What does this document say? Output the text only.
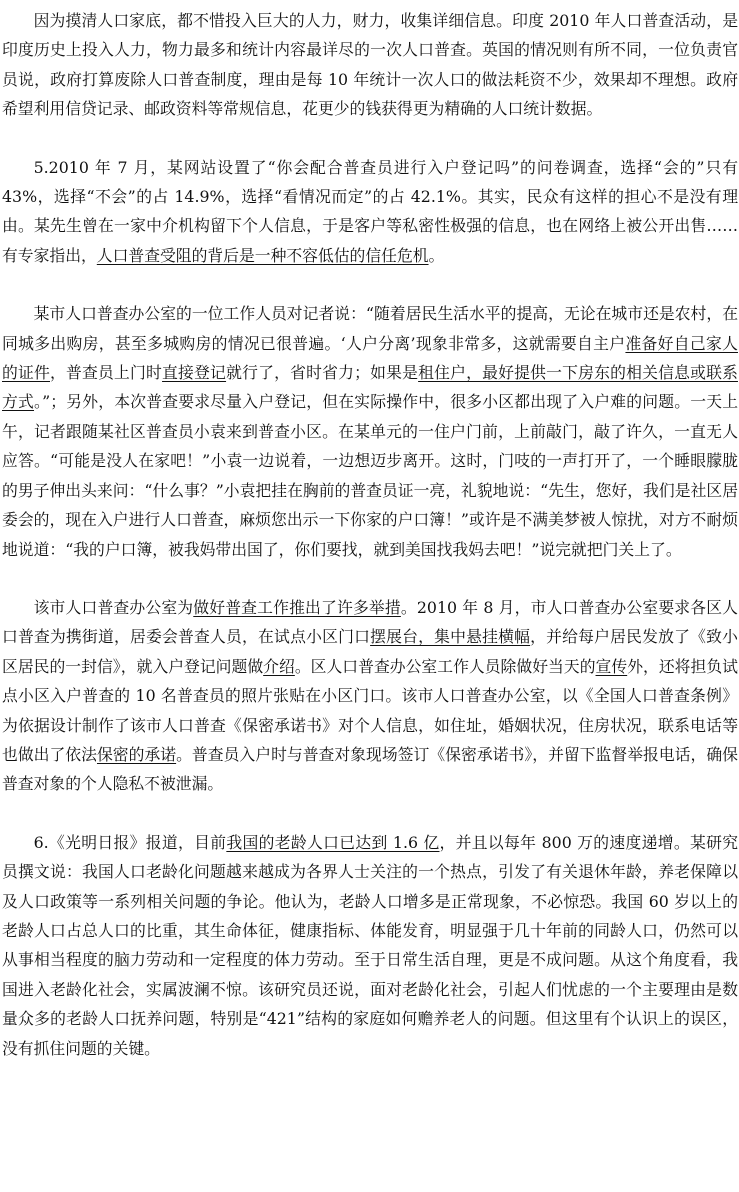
因为摸清人口家底，都不惜投入巨大的人力，财力，收集详细信息。印度 2010 年人口普查活动，是印度历史上投入人力，物力最多和统计内容最详尽的一次人口普查。英国的情况则有所不同，一位负责官员说，政府打算废除人口普查制度，理由是每 10 年统计一次人口的做法耗资不少，效果却不理想。政府希望利用信贷记录、邮政资料等常规信息，花更少的钱获得更为精确的人口统计数据。

5.2010 年 7 月，某网站设置了“你会配合普查员进行入户登记吗”的问卷调查，选择“会的”只有 43%，选择“不会”的占 14.9%，选择“看情况而定”的占 42.1%。其实，民众有这样的担心不是没有理由。某先生曾在一家中介机构留下个人信息，于是客户等私密性极强的信息，也在网络上被公开出售……有专家指出，人口普查受阻的背后是一种不容低估的信任危机。

某市人口普查办公室的一位工作人员对记者说：“随着居民生活水平的提高，无论在城市还是农村，在同城多出购房，甚至多城购房的情况已很普遍。‘人户分离’现象非常多，这就需要自主户准备好自己家人的证件，普查员上门时直接登记就行了，省时省力；如果是租住户，最好提供一下房东的相关信息或联系方式。”；另外，本次普查要求尽量入户登记，但在实际操作中，很多小区都出现了入户难的问题。一天上午，记者跟随某社区普查员小袁来到普查小区。在某单元的一住户门前，上前敲门，敲了许久，一直无人应答。“可能是没人在家吧！”小袁一边说着，一边想迈步离开。这时，门吱的一声打开了，一个睡眼朦胧的男子伸出头来问：“什么事？”小袁把挂在胸前的普查员证一亮，礼貌地说：“先生，您好，我们是社区居委会的，现在入户进行人口普查，麻烦您出示一下你家的户口簿！”或许是不满美梦被人惊扰，对方不耐烦地说道：“我的户口簿，被我妈带出国了，你们要找，就到美国找我妈去吧！”说完就把门关上了。

该市人口普查办公室为做好普查工作推出了许多举措。2010 年 8 月，市人口普查办公室要求各区人口普查为携街道，居委会普查人员，在试点小区门口摆展台，集中悬挂横幅，并给每户居民发放了《致小区居民的一封信》，就入户登记问题做介绍。区人口普查办公室工作人员除做好当天的宣传外，还将担负试点小区入户普查的 10 名普查员的照片张贴在小区门口。该市人口普查办公室，以《全国人口普查条例》为依据设计制作了该市人口普查《保密承诺书》对个人信息，如住址，婚姻状况，住房状况，联系电话等也做出了依法保密的承诺。普查员入户时与普查对象现场签订《保密承诺书》，并留下监督举报电话，确保普查对象的个人隐私不被泄漏。

6.《光明日报》报道，目前我国的老龄人口已达到 1.6 亿，并且以每年 800 万的速度递增。某研究员撰文说：我国人口老龄化问题越来越成为各界人士关注的一个热点，引发了有关退休年龄，养老保障以及人口政策等一系列相关问题的争论。他认为，老龄人口增多是正常现象，不必惊恐。我国 60 岁以上的老龄人口占总人口的比重，其生命体征，健康指标、体能发育，明显强于几十年前的同龄人口，仍然可以从事相当程度的脑力劳动和一定程度的体力劳动。至于日常生活自理，更是不成问题。从这个角度看，我国进入老龄化社会，实属波澜不惊。该研究员还说，面对老龄化社会，引起人们忧虑的一个主要理由是数量众多的老龄人口抚养问题，特别是“421”结构的家庭如何赡养老人的问题。但这里有个认识上的误区，没有抓住问题的关键。
